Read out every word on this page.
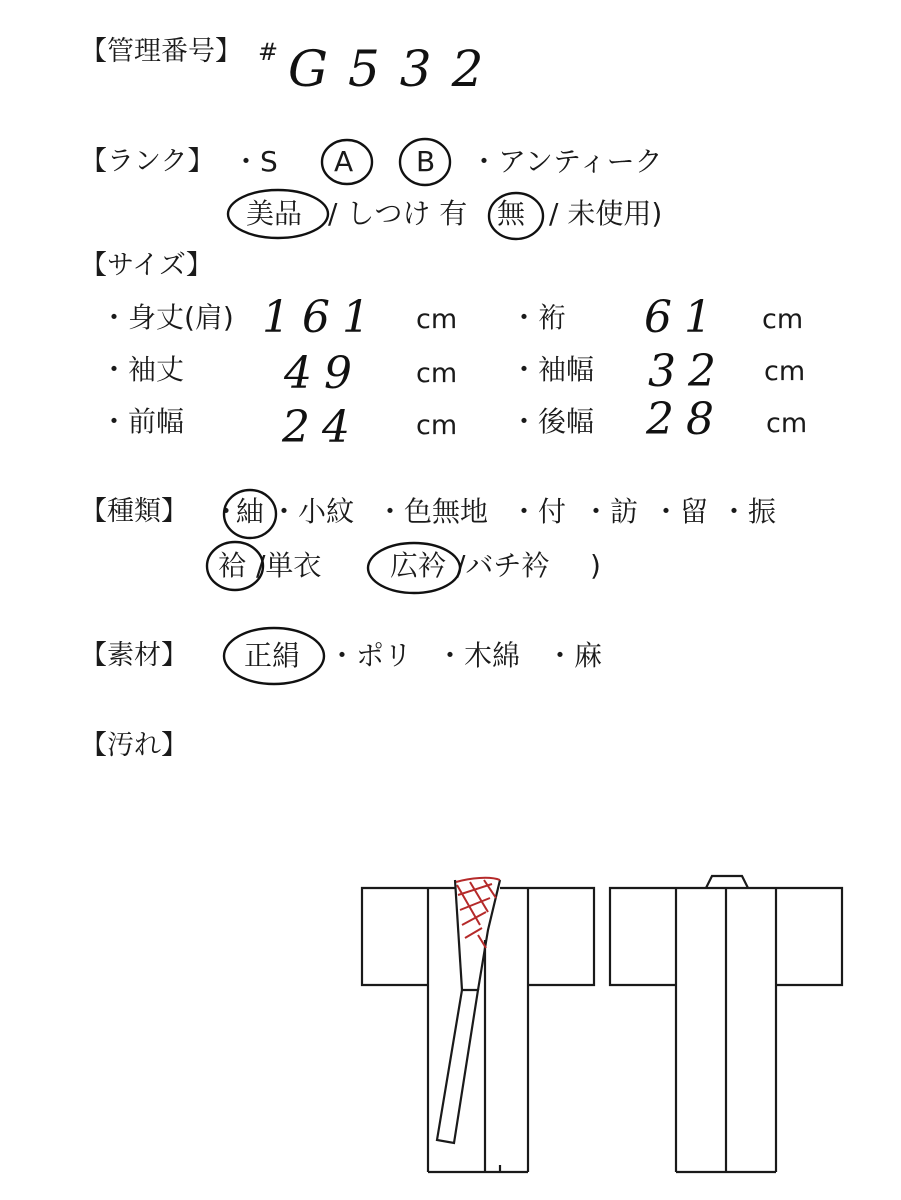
【管理番号】 # G532
【ランク】 ・S A B ・アンティーク
美品 / しつけ 有 無 / 未使用)
【サイズ】
・身丈(肩) 161 cm ・裄 61 cm
・袖丈 49 cm ・袖幅 32 cm
・前幅 24 cm ・後幅 28 cm
【種類】 ・
紬 ・小紋 ・色無地 ・付 ・訪 ・留 ・振
袷 /単衣 広衿 /バチ衿 )
【素材】 正絹 ・ポリ ・木綿 ・麻
【汚れ】
